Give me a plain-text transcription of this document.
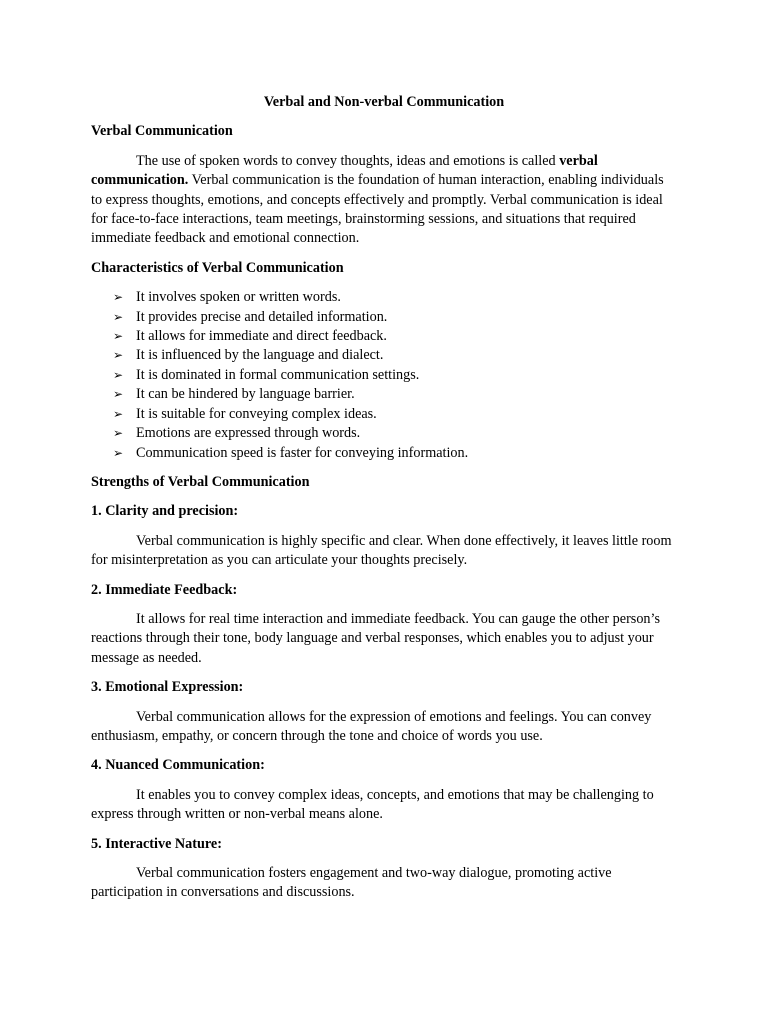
Verbal and Non-verbal Communication

Verbal Communication

The use of spoken words to convey thoughts, ideas and emotions is called verbal communication. Verbal communication is the foundation of human interaction, enabling individuals to express thoughts, emotions, and concepts effectively and promptly. Verbal communication is ideal for face-to-face interactions, team meetings, brainstorming sessions, and situations that required immediate feedback and emotional connection.

Characteristics of Verbal Communication

➢ It involves spoken or written words.
➢ It provides precise and detailed information.
➢ It allows for immediate and direct feedback.
➢ It is influenced by the language and dialect.
➢ It is dominated in formal communication settings.
➢ It can be hindered by language barrier.
➢ It is suitable for conveying complex ideas.
➢ Emotions are expressed through words.
➢ Communication speed is faster for conveying information.

Strengths of Verbal Communication

1. Clarity and precision:

Verbal communication is highly specific and clear. When done effectively, it leaves little room for misinterpretation as you can articulate your thoughts precisely.

2. Immediate Feedback:

It allows for real time interaction and immediate feedback. You can gauge the other person’s reactions through their tone, body language and verbal responses, which enables you to adjust your message as needed.

3. Emotional Expression:

Verbal communication allows for the expression of emotions and feelings. You can convey enthusiasm, empathy, or concern through the tone and choice of words you use.

4. Nuanced Communication:

It enables you to convey complex ideas, concepts, and emotions that may be challenging to express through written or non-verbal means alone.

5. Interactive Nature:

Verbal communication fosters engagement and two-way dialogue, promoting active participation in conversations and discussions.
